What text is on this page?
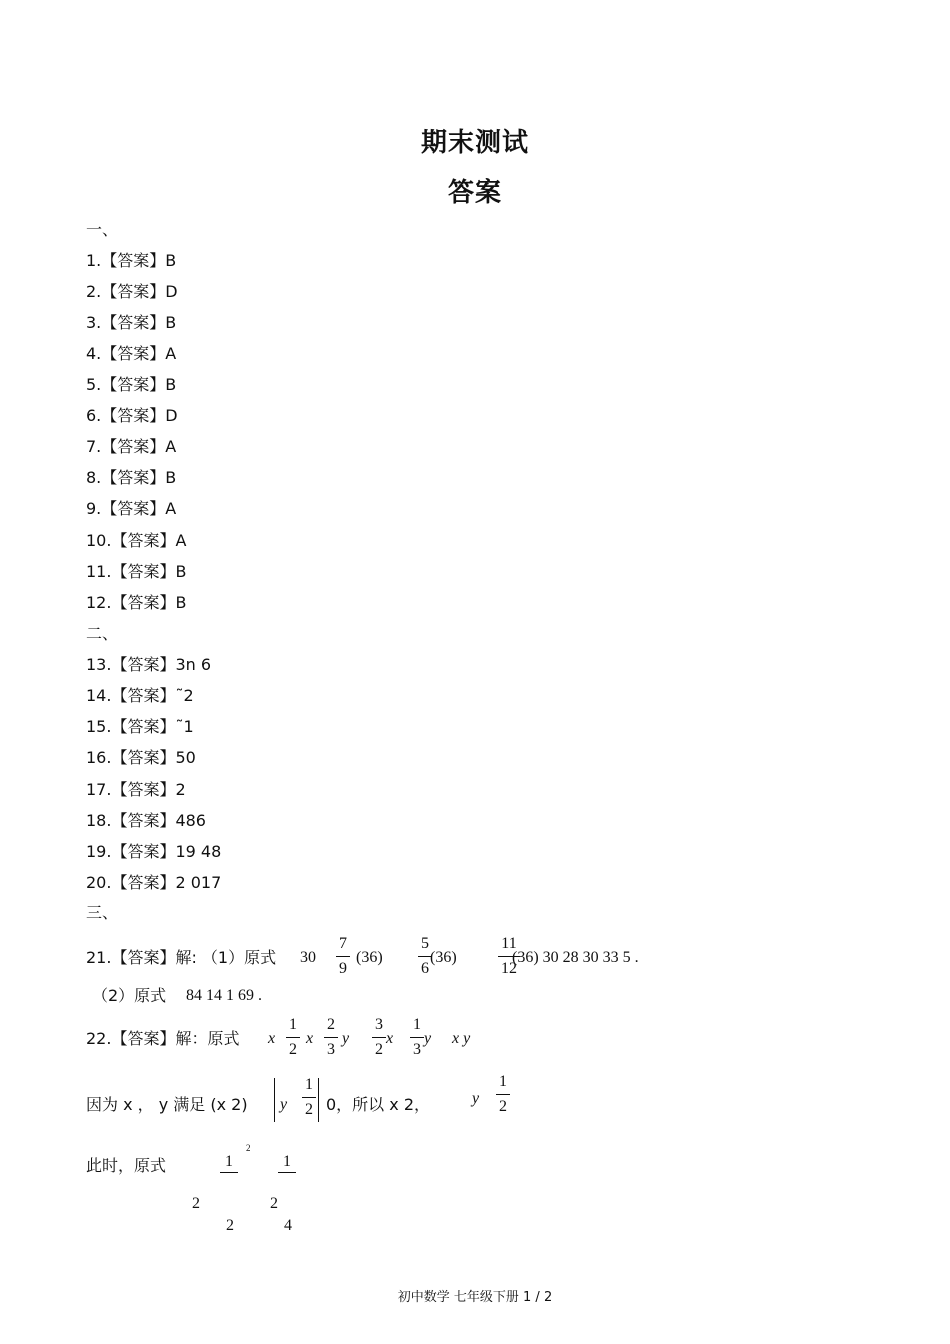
期末测试
答案
一、
1.【答案】B
2.【答案】D
3.【答案】B
4.【答案】A
5.【答案】B
6.【答案】D
7.【答案】A
8.【答案】B
9.【答案】A
10.【答案】A
11.【答案】B
12.【答案】B
13.【答案】3n 6
14.【答案】˜2
15.【答案】˜1
16.【答案】50
17.【答案】2
18.【答案】486
19.【答案】19 48
20.【答案】2 017
二、
三、
21.【答案】解: （1）原式 30
7
9
(36)
5
6
(36)
11
12
(36) 30 28 30 33 5 .
（2）原式 84 14 1 69 .
22.【答案】解：原式 x
1
2
x
2
3
y
3
2
x
1
3
y x y
因为 x ， y 满足 (x 2) y
1
2 0，所以 x 2，	y
1
2
此时，原式
2
1	1
2	2
2	4
初中数学 七年级下册 1 / 2
